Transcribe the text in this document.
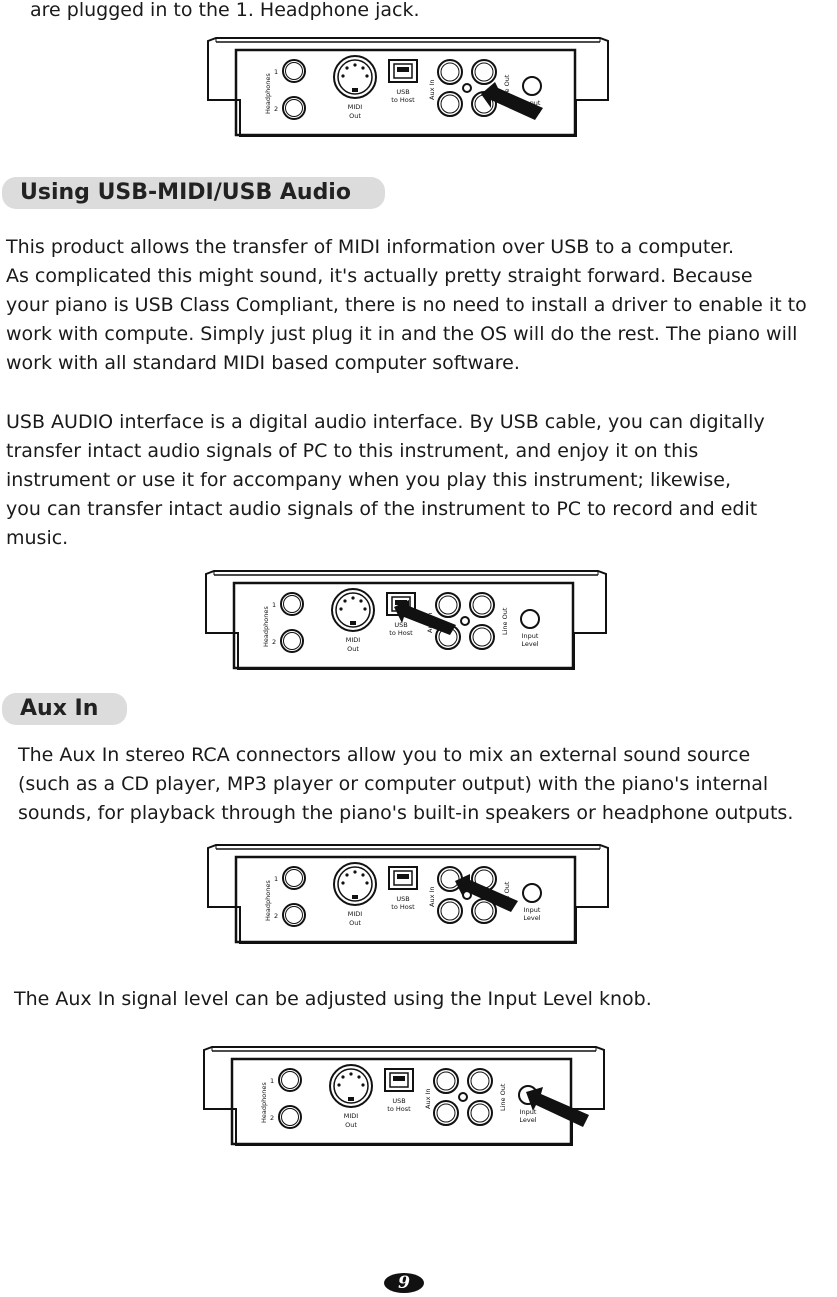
are plugged in to the 1. Headphone jack.

Using USB-MIDI/USB Audio

This product allows the transfer of MIDI information over USB to a computer.

As complicated this might sound, it's actually pretty straight forward. Because

your piano is USB Class Compliant, there is no need to install a driver to enable it to

work with compute. Simply just plug it in and the OS will do the rest. The piano will

work with all standard MIDI based computer software.

USB AUDIO interface is a digital audio interface. By USB cable, you can digitally

transfer intact audio signals of PC to this instrument, and enjoy it on this

instrument or use it for accompany when you play this instrument; likewise,

you can transfer intact audio signals of the instrument to PC to record and edit

music.

Aux In

The Aux In stereo RCA connectors allow you to mix an external sound source

(such as a CD player, MP3 player or computer output) with the piano's internal

sounds, for playback through the piano's built-in speakers or headphone outputs.

The Aux In signal level can be adjusted using the Input Level knob.

9
